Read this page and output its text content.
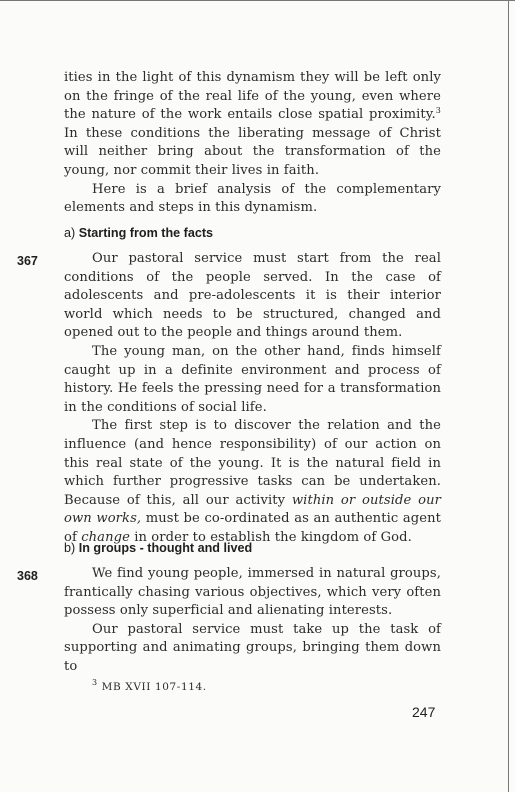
ities in the light of this dynamism they will be left only on the fringe of the real life of the young, even where the nature of the work entails close spatial proximity.$^3$ In these conditions the liberating message of Christ will neither bring about the transformation of the young, nor commit their lives in faith.

Here is a brief analysis of the complementary elements and steps in this dynamism.

a) Starting from the facts
367	Our pastoral service must start from the real conditions of the people served. In the case of adolescents and pre-adolescents it is their interior world which needs to be structured, changed and opened out to the people and things around them.

The young man, on the other hand, finds himself caught up in a definite environment and process of history. He feels the pressing need for a transformation in the conditions of social life.

The first step is to discover the relation and the influence (and hence responsibility) of our action on this real state of the young. It is the natural field in which further progressive tasks can be undertaken. Because of this, all our activity within or outside our own works, must be co-ordinated as an authentic agent of change in order to establish the kingdom of God.

b) In groups - thought and lived
368	We find young people, immersed in natural groups, frantically chasing various objectives, which very often possess only superficial and alienating interests.

Our pastoral service must take up the task of supporting and animating groups, bringing them down to

$^3$ MB XVII 107-114.
247
